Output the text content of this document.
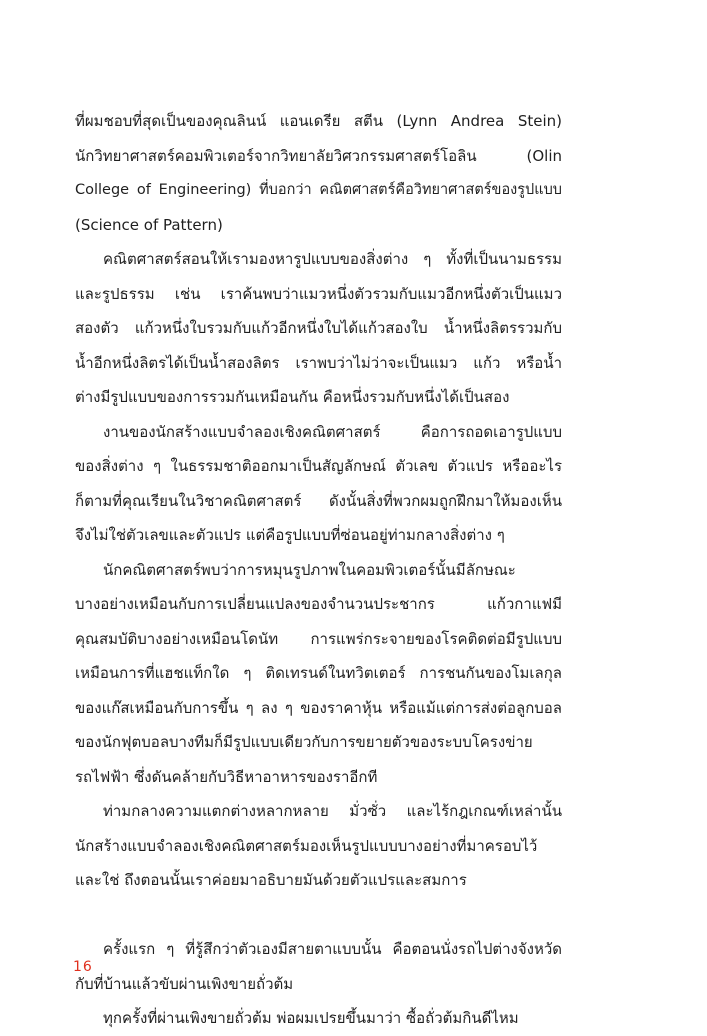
ที่ผมชอบที่สุดเป็นของคุณลินน์ แอนเดรีย สตีน (Lynn Andrea Stein)
นักวิทยาศาสตร์คอมพิวเตอร์จากวิทยาลัยวิศวกรรมศาสตร์โอลิน (Olin
College of Engineering) ที่บอกว่า คณิตศาสตร์คือวิทยาศาสตร์ของรูปแบบ
(Science of Pattern)
คณิตศาสตร์สอนให้เรามองหารูปแบบของสิ่งต่าง ๆ ทั้งที่เป็นนามธรรม
และรูปธรรม เช่น เราค้นพบว่าแมวหนึ่งตัวรวมกับแมวอีกหนึ่งตัวเป็นแมว
สองตัว แก้วหนึ่งใบรวมกับแก้วอีกหนึ่งใบได้แก้วสองใบ น้ำหนึ่งลิตรรวมกับ
น้ำอีกหนึ่งลิตรได้เป็นน้ำสองลิตร เราพบว่าไม่ว่าจะเป็นแมว แก้ว หรือน้ำ
ต่างมีรูปแบบของการรวมกันเหมือนกัน คือหนึ่งรวมกับหนึ่งได้เป็นสอง
งานของนักสร้างแบบจำลองเชิงคณิตศาสตร์ คือการถอดเอารูปแบบ
ของสิ่งต่าง ๆ ในธรรมชาติออกมาเป็นสัญลักษณ์ ตัวเลข ตัวแปร หรืออะไร
ก็ตามที่คุณเรียนในวิชาคณิตศาสตร์ ดังนั้นสิ่งที่พวกผมถูกฝึกมาให้มองเห็น
จึงไม่ใช่ตัวเลขและตัวแปร แต่คือรูปแบบที่ซ่อนอยู่ท่ามกลางสิ่งต่าง ๆ
นักคณิตศาสตร์พบว่าการหมุนรูปภาพในคอมพิวเตอร์นั้นมีลักษณะ
บางอย่างเหมือนกับการเปลี่ยนแปลงของจำนวนประชากร แก้วกาแฟมี
คุณสมบัติบางอย่างเหมือนโดนัท การแพร่กระจายของโรคติดต่อมีรูปแบบ
เหมือนการที่แฮชแท็กใด ๆ ติดเทรนด์ในทวิตเตอร์ การชนกันของโมเลกุล
ของแก๊สเหมือนกับการขึ้น ๆ ลง ๆ ของราคาหุ้น หรือแม้แต่การส่งต่อลูกบอล
ของนักฟุตบอลบางทีมก็มีรูปแบบเดียวกับการขยายตัวของระบบโครงข่าย
รถไฟฟ้า ซึ่งดันคล้ายกับวิธีหาอาหารของราอีกที
ท่ามกลางความแตกต่างหลากหลาย มั่วซั่ว และไร้กฎเกณฑ์เหล่านั้น
นักสร้างแบบจำลองเชิงคณิตศาสตร์มองเห็นรูปแบบบางอย่างที่มาครอบไว้
และใช่ ถึงตอนนั้นเราค่อยมาอธิบายมันด้วยตัวแปรและสมการ
ครั้งแรก ๆ ที่รู้สึกว่าตัวเองมีสายตาแบบนั้น คือตอนนั่งรถไปต่างจังหวัด
กับที่บ้านแล้วขับผ่านเพิงขายถั่วต้ม
ทุกครั้งที่ผ่านเพิงขายถั่วต้ม พ่อผมเปรยขึ้นมาว่า ซื้อถั่วต้มกินดีไหม
16
